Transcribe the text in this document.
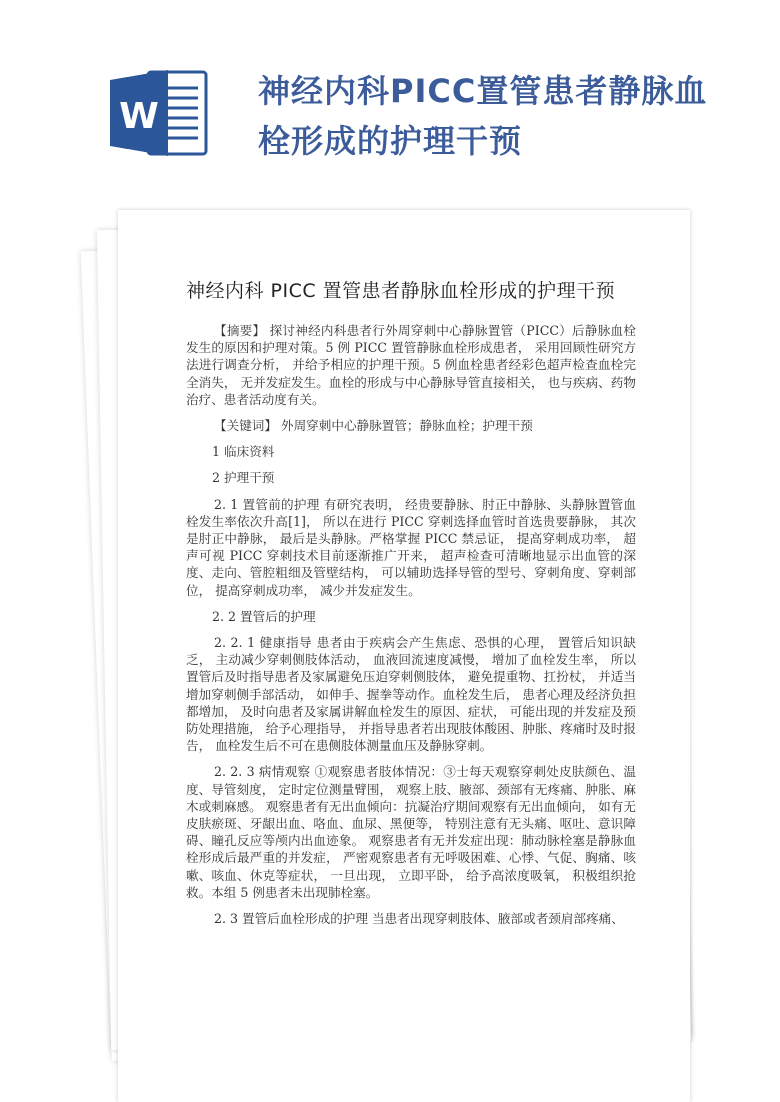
W
神经内科PICC置管患者静脉血栓形成的护理干预
神经内科 PICC 置管患者静脉血栓形成的护理干预

【摘要】 探讨神经内科患者行外周穿刺中心静脉置管（PICC）后静脉血栓发生的原因和护理对策。5 例 PICC 置管静脉血栓形成患者， 采用回顾性研究方法进行调查分析， 并给予相应的护理干预。5 例血栓患者经彩色超声检查血栓完全消失， 无并发症发生。血栓的形成与中心静脉导管直接相关， 也与疾病、药物治疗、患者活动度有关。

【关键词】 外周穿刺中心静脉置管；静脉血栓；护理干预

1 临床资料

2 护理干预

2. 1 置管前的护理 有研究表明， 经贵要静脉、肘正中静脉、头静脉置管血栓发生率依次升高[1]， 所以在进行 PICC 穿刺选择血管时首选贵要静脉， 其次是肘正中静脉， 最后是头静脉。严格掌握 PICC 禁忌证， 提高穿刺成功率， 超声可视 PICC 穿刺技术目前逐渐推广开来， 超声检查可清晰地显示出血管的深度、走向、管腔粗细及管壁结构， 可以辅助选择导管的型号、穿刺角度、穿刺部位， 提高穿刺成功率， 减少并发症发生。

2. 2 置管后的护理

2. 2. 1 健康指导 患者由于疾病会产生焦虑、恐惧的心理， 置管后知识缺乏， 主动减少穿刺侧肢体活动， 血液回流速度减慢， 增加了血栓发生率， 所以置管后及时指导患者及家属避免压迫穿刺侧肢体， 避免提重物、扛扮杖， 并适当增加穿刺侧手部活动， 如伸手、握拳等动作。血栓发生后， 患者心理及经济负担都增加， 及时向患者及家属讲解血栓发生的原因、症状， 可能出现的并发症及预防处理措施， 给予心理指导， 并指导患者若出现肢体酸困、肿胀、疼痛时及时报告， 血栓发生后不可在患侧肢体测量血压及静脉穿刺。

2. 2. 3 病情观察 ①观察患者肢体情况：③士每天观察穿刺处皮肤颜色、温度、导管刻度， 定时定位测量臂围， 观察上肢、腋部、颈部有无疼痛、肿胀、麻木或刺麻感。 观察患者有无出血倾向：抗凝治疗期间观察有无出血倾向， 如有无皮肤瘀斑、牙龈出血、咯血、血尿、黑便等， 特别注意有无头痛、呕吐、意识障碍、瞳孔反应等颅内出血迹象。 观察患者有无并发症出现：肺动脉栓塞是静脉血栓形成后最严重的并发症， 严密观察患者有无呼吸困难、心悸、气促、胸痛、咳嗽、咳血、休克等症状， 一旦出现， 立即平卧， 给予高浓度吸氧， 积极组织抢救。本组 5 例患者未出现肺栓塞。

2. 3 置管后血栓形成的护理 当患者出现穿刺肢体、腋部或者颈肩部疼痛、
